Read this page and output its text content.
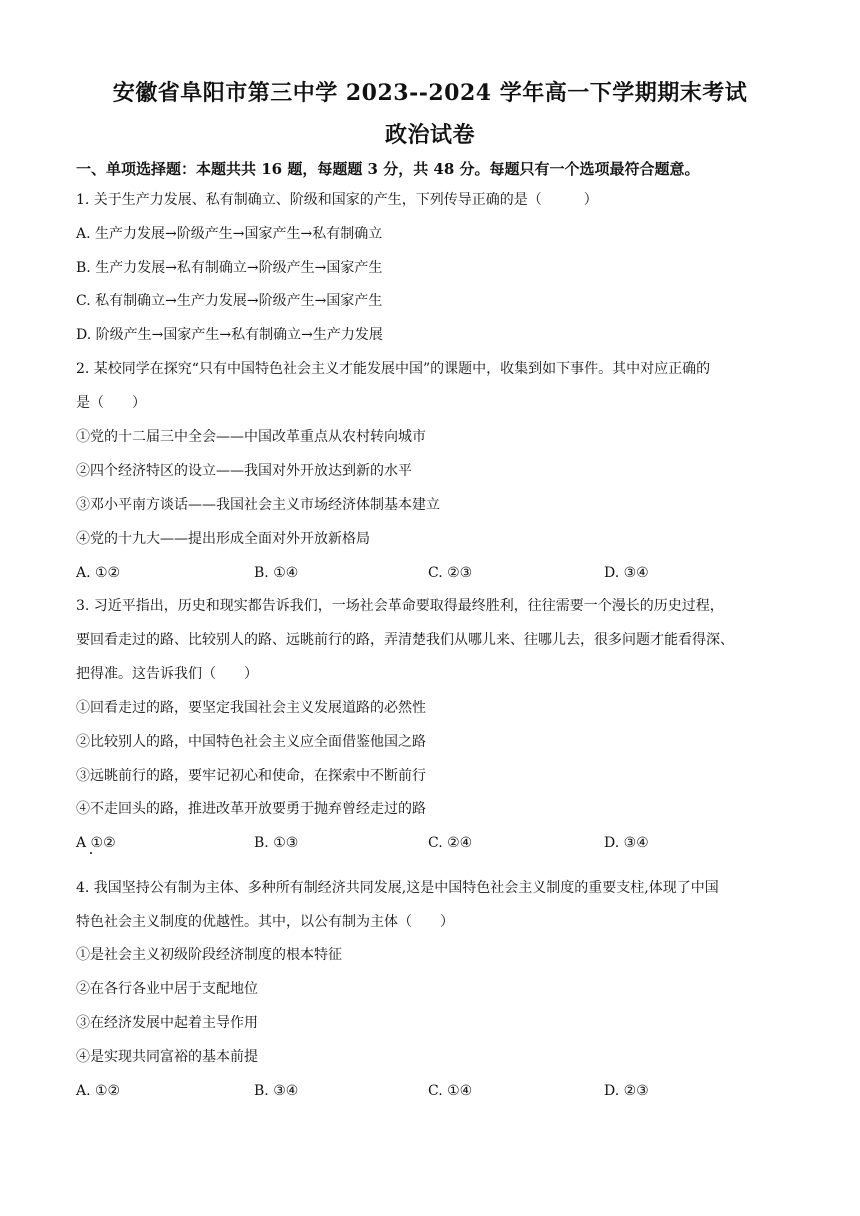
安徽省阜阳市第三中学 2023--2024 学年高一下学期期末考试
政治试卷
一、单项选择题：本题共共 16 题，每题题 3 分，共 48 分。每题只有一个选项最符合题意。
1. 关于生产力发展、私有制确立、阶级和国家的产生，下列传导正确的是（　　　）
A. 生产力发展→阶级产生→国家产生→私有制确立
B. 生产力发展→私有制确立→阶级产生→国家产生
C. 私有制确立→生产力发展→阶级产生→国家产生
D. 阶级产生→国家产生→私有制确立→生产力发展
2. 某校同学在探究“只有中国特色社会主义才能发展中国”的课题中，收集到如下事件。其中对应正确的
是（　　）
①党的十二届三中全会——中国改革重点从农村转向城市
②四个经济特区的设立——我国对外开放达到新的水平
③邓小平南方谈话——我国社会主义市场经济体制基本建立
④党的十九大——提出形成全面对外开放新格局
A. ①②	B. ①④	C. ②③	D. ③④
3. 习近平指出，历史和现实都告诉我们，一场社会革命要取得最终胜利，往往需要一个漫长的历史过程，
要回看走过的路、比较别人的路、远眺前行的路，弄清楚我们从哪儿来、往哪儿去，很多问题才能看得深、
把得准。这告诉我们（　　）
①回看走过的路，要坚定我国社会主义发展道路的必然性
②比较别人的路，中国特色社会主义应全面借鉴他国之路
③远眺前行的路，要牢记初心和使命，在探索中不断前行
④不走回头的路，推进改革开放要勇于抛弃曾经走过的路
A ①②	B. ①③	C. ②④	D. ③④
4. 我国坚持公有制为主体、多种所有制经济共同发展,这是中国特色社会主义制度的重要支柱,体现了中国
特色社会主义制度的优越性。其中，以公有制为主体（　　）
①是社会主义初级阶段经济制度的根本特征
②在各行各业中居于支配地位
③在经济发展中起着主导作用
④是实现共同富裕的基本前提
A. ①②	B. ③④	C. ①④	D. ②③
